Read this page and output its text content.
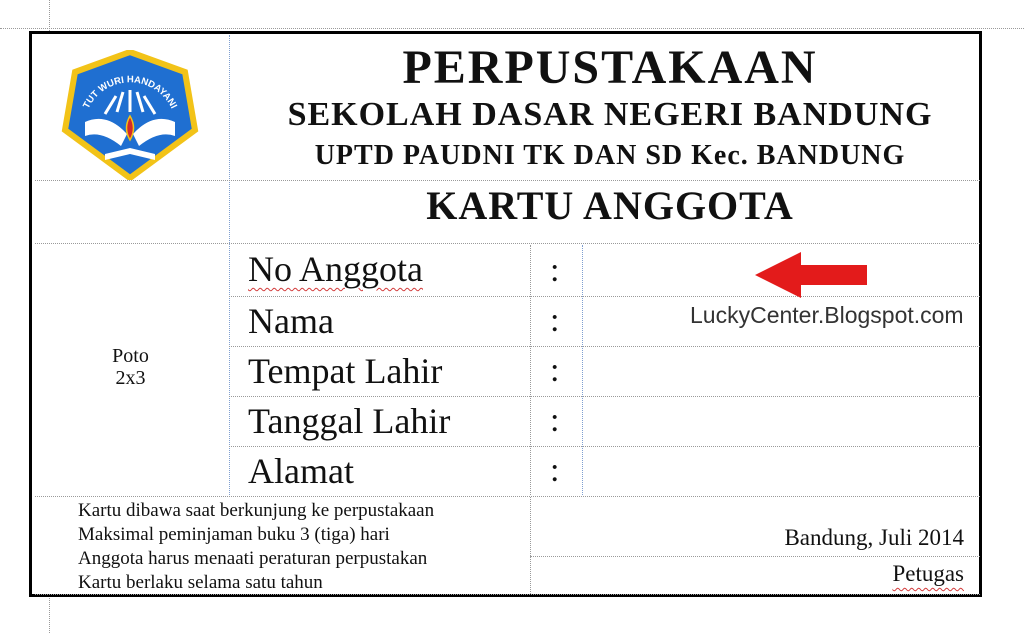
TUT WURI HANDAYANI
PERPUSTAKAAN
SEKOLAH DASAR NEGERI BANDUNG
UPTD PAUDNI TK DAN SD Kec. BANDUNG
KARTU ANGGOTA
Poto
2x3
No Anggota
Nama
Tempat Lahir
Tanggal Lahir
Alamat
:
:
:
:
:
LuckyCenter.Blogspot.com
Kartu dibawa saat berkunjung ke perpustakaan
Maksimal peminjaman buku 3 (tiga) hari
Anggota harus menaati peraturan perpustakan
Kartu berlaku selama satu tahun
Bandung, Juli 2014
Petugas
